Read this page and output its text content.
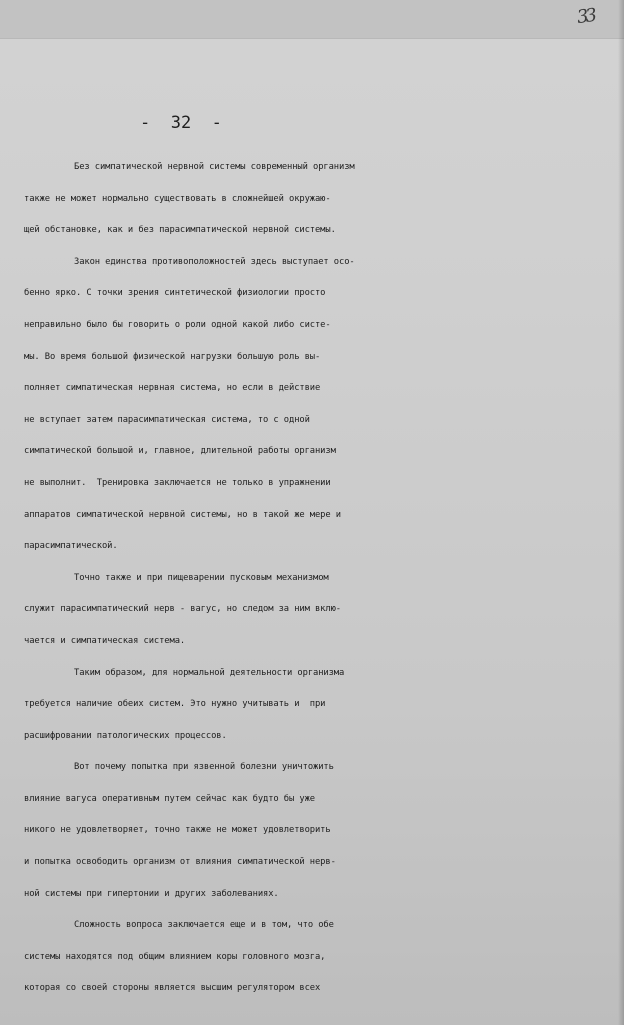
33
-  32  -
Без симпатической нервной системы современный организм
также не может нормально существовать в сложнейшей окружаю-
щей обстановке, как и без парасимпатической нервной системы.
Закон единства противоположностей здесь выступает осо-
бенно ярко. С точки зрения синтетической физиологии просто
неправильно было бы говорить о роли одной какой либо систе-
мы. Во время большой физической нагрузки большую роль вы-
полняет симпатическая нервная система, но если в действие
не вступает затем парасимпатическая система, то с одной
симпатической большой и, главное, длительной работы организм
не выполнит.  Тренировка заключается не только в упражнении
аппаратов симпатической нервной системы, но в такой же мере и
парасимпатической.
Точно также и при пищеварении пусковым механизмом
служит парасимпатический нерв - вагус, но следом за ним вклю-
чается и симпатическая система.
Таким образом, для нормальной деятельности организма
требуется наличие обеих систем. Это нужно учитывать и  при
расшифровании патологических процессов.
Вот почему попытка при язвенной болезни уничтожить
влияние вагуса оперативным путем сейчас как будто бы уже
никого не удовлетворяет, точно также не может удовлетворить
и попытка освободить организм от влияния симпатической нерв-
ной системы при гипертонии и других заболеваниях.
Сложность вопроса заключается еще и в том, что обе
системы находятся под общим влиянием коры головного мозга,
которая со своей стороны является высшим регулятором всех
